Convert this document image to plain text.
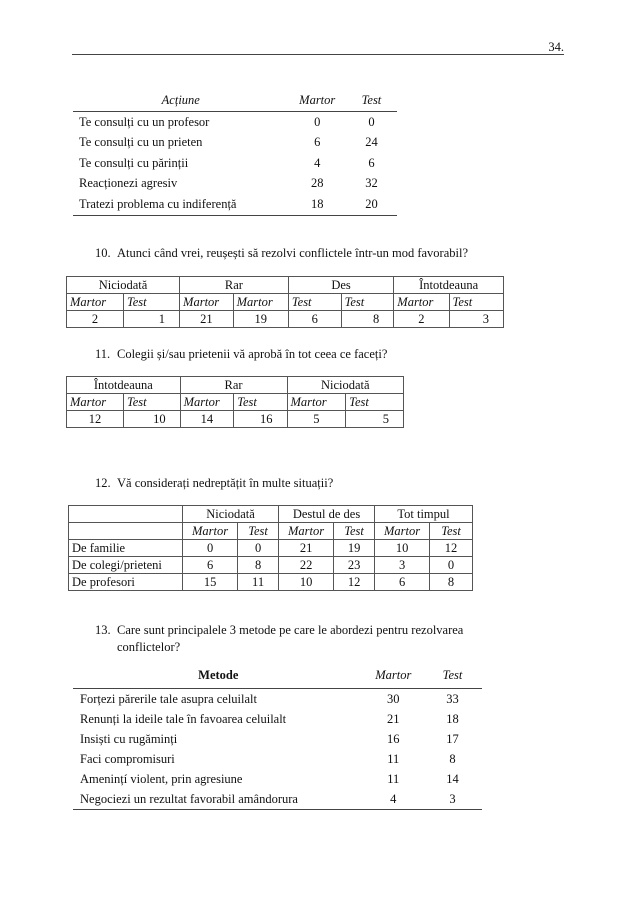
34.
Acțiune	Martor	Test
Te consulți cu un profesor	0	0
Te consulți cu un prieten	6	24
Te consulți cu părinții	4	6
Reacționezi agresiv	28	32
Tratezi problema cu indiferență	18	20
10. Atunci când vrei, reușești să rezolvi conflictele într-un mod favorabil?
Niciodată		Rar		Des		Întotdeauna	
Martor	Test	Martor	Martor	Test	Test	Martor	Test
2	1	21	19	6	8	2	3
11. Colegii și/sau prietenii vă aprobă în tot ceea ce faceți?
Întotdeauna		Rar		Niciodată	
Martor	Test	Martor	Test	Martor	Test
12	10	14	16	5	5
12. Vă considerați nedreptățit în multe situații?
	Niciodată		Destul de des		Tot timpul	
	Martor	Test	Martor	Test	Martor	Test
De familie	0	0	21	19	10	12
De colegi/prieteni	6	8	22	23	3	0
De profesori	15	11	10	12	6	8
13. Care sunt principalele 3 metode pe care le abordezi pentru rezolvarea
conflictelor?
Metode	Martor	Test
Forțezi părerile tale asupra celuilalt	30	33
Renunți la ideile tale în favoarea celuilalt	21	18
Insiști cu rugăminți	16	17
Faci compromisuri	11	8
Amenințí violent, prin agresiune	11	14
Negociezi un rezultat favorabil amândorura	4	3
